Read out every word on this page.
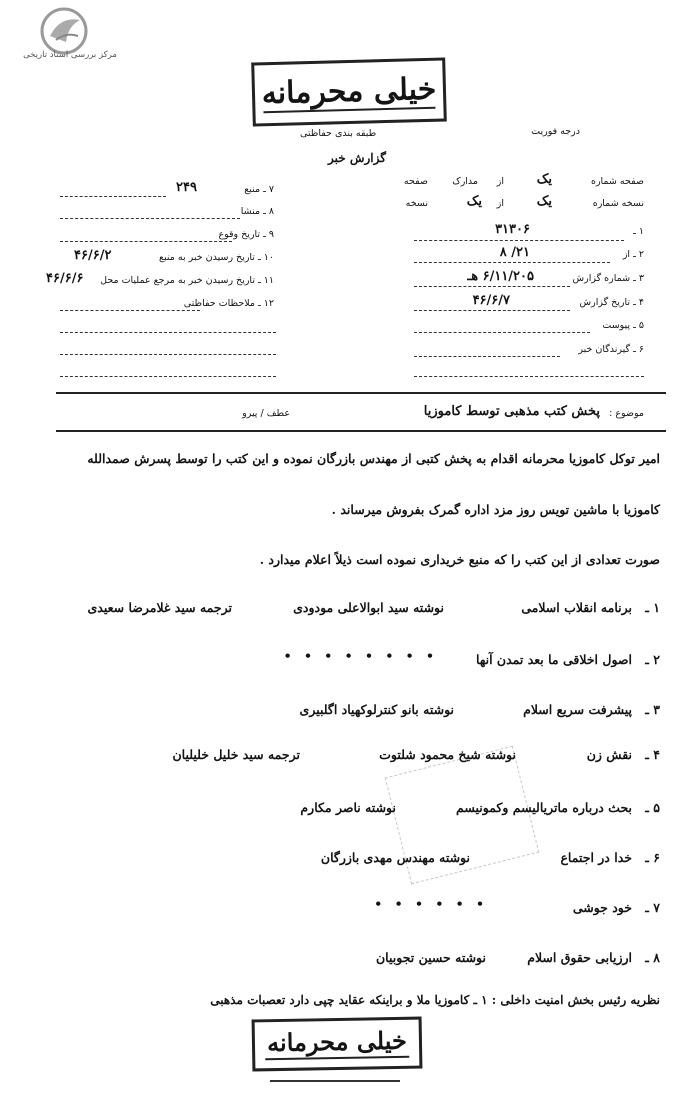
مرکز بررسی اسناد تاریخی
خیلی محرمانه
درجه فوریت
طبقه بندی حفاظتی
گزارش خبر
صفحه شماره
یک
از
مدارک
صفحه
نسخه شماره
یک
از
یک
نسخه
۱ ـ
۳۱۳۰۶
۲ ـ از
۲۱/ ۸
۳ ـ شماره گزارش
۶/۱۱/۲۰۵ هـ
۴ ـ تاریخ گزارش
۴۶/۶/۷
۵ ـ پیوست
۶ ـ گیرندگان خبر
۷ ـ منبع
۲۴۹
۸ ـ منشا
۹ ـ تاریخ وقوع
۱۰ ـ تاریخ رسیدن خبر به منبع
۴۶/۶/۲
۱۱ ـ تاریخ رسیدن خبر به مرجع عملیات محل
۴۶/۶/۶
۱۲ ـ ملاحظات حفاظتی
موضوع :
پخش کتب مذهبی توسط کاموزیا
عطف / پیرو
امیر توکل کاموزیا محرمانه اقدام به پخش کتبی از مهندس بازرگان نموده و این کتب را توسط پسرش صمدالله
کاموزیا با ماشین تویس روز مزد اداره گمرک بفروش میرساند .
صورت تعدادی از این کتب را که منبع خریداری نموده است ذیلاً اعلام میدارد .
۱ ـ
برنامه انقلاب اسلامی
نوشته سید ابوالاعلی مودودی
ترجمه سید غلامرضا سعیدی
۲ ـ
اصول اخلاقی ما بعد تمدن آنها
• • • • • • • •
۳ ـ
پیشرفت سریع اسلام
نوشته بانو کنترلوکهیاد اگلبیری
۴ ـ
نقش زن
نوشته شیخ محمود شلتوت
ترجمه سید خلیل خلیلیان
۵ ـ
بحث درباره ماتریالیسم وکمونیسم
نوشته ناصر مکارم
۶ ـ
خدا در اجتماع
نوشته مهندس مهدی بازرگان
۷ ـ
خود جوشی
• • • • • •
۸ ـ
ارزیابی حقوق اسلام
نوشته حسین تجوبیان
نظریه رئیس بخش امنیت داخلی : ۱ ـ کاموزیا ملا و براینکه عقاید چپی دارد تعصبات مذهبی
خیلی محرمانه
